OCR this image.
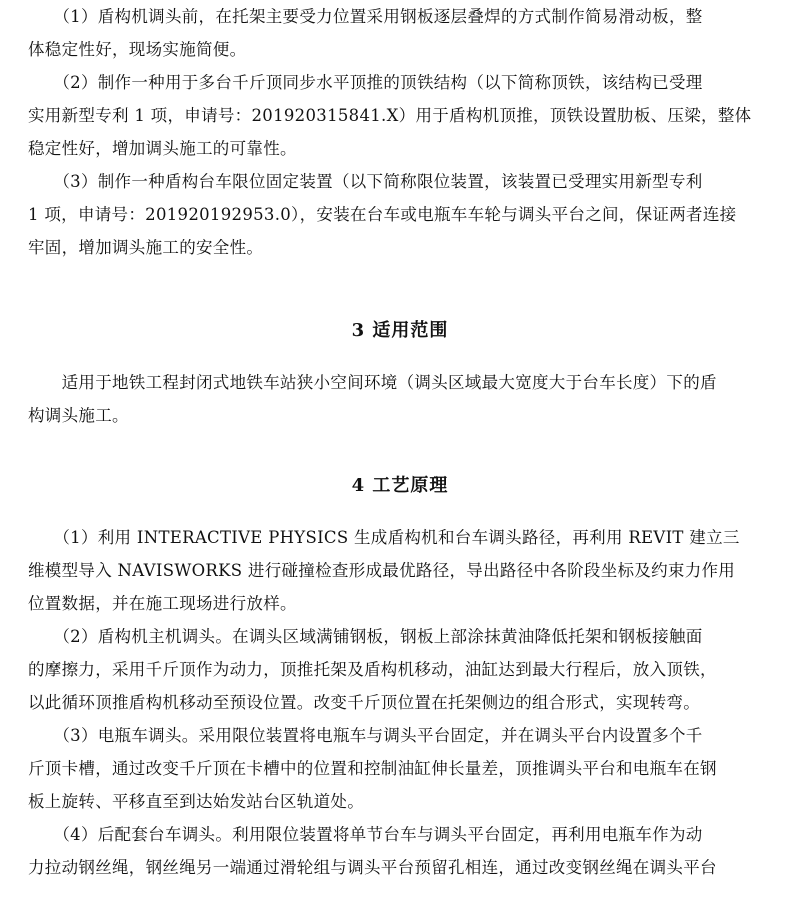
　　（1）盾构机调头前，在托架主要受力位置采用钢板逐层叠焊的方式制作简易滑动板，整
体稳定性好，现场实施简便。

　　（2）制作一种用于多台千斤顶同步水平顶推的顶铁结构（以下简称顶铁，该结构已受理
实用新型专利 1 项，申请号：201920315841.X）用于盾构机顶推，顶铁设置肋板、压梁，整体
稳定性好，增加调头施工的可靠性。

　　（3）制作一种盾构台车限位固定装置（以下简称限位装置，该装置已受理实用新型专利
1 项，申请号：201920192953.0），安装在台车或电瓶车车轮与调头平台之间，保证两者连接
牢固，增加调头施工的安全性。

3 适用范围

　　适用于地铁工程封闭式地铁车站狭小空间环境（调头区域最大宽度大于台车长度）下的盾
构调头施工。

4 工艺原理

　　（1）利用 INTERACTIVE PHYSICS 生成盾构机和台车调头路径，再利用 REVIT 建立三
维模型导入 NAVISWORKS 进行碰撞检查形成最优路径，导出路径中各阶段坐标及约束力作用
位置数据，并在施工现场进行放样。

　　（2）盾构机主机调头。在调头区域满铺钢板，钢板上部涂抹黄油降低托架和钢板接触面
的摩擦力，采用千斤顶作为动力，顶推托架及盾构机移动，油缸达到最大行程后，放入顶铁，
以此循环顶推盾构机移动至预设位置。改变千斤顶位置在托架侧边的组合形式，实现转弯。

　　（3）电瓶车调头。采用限位装置将电瓶车与调头平台固定，并在调头平台内设置多个千
斤顶卡槽，通过改变千斤顶在卡槽中的位置和控制油缸伸长量差，顶推调头平台和电瓶车在钢
板上旋转、平移直至到达始发站台区轨道处。

　　（4）后配套台车调头。利用限位装置将单节台车与调头平台固定，再利用电瓶车作为动
力拉动钢丝绳，钢丝绳另一端通过滑轮组与调头平台预留孔相连，通过改变钢丝绳在调头平台
